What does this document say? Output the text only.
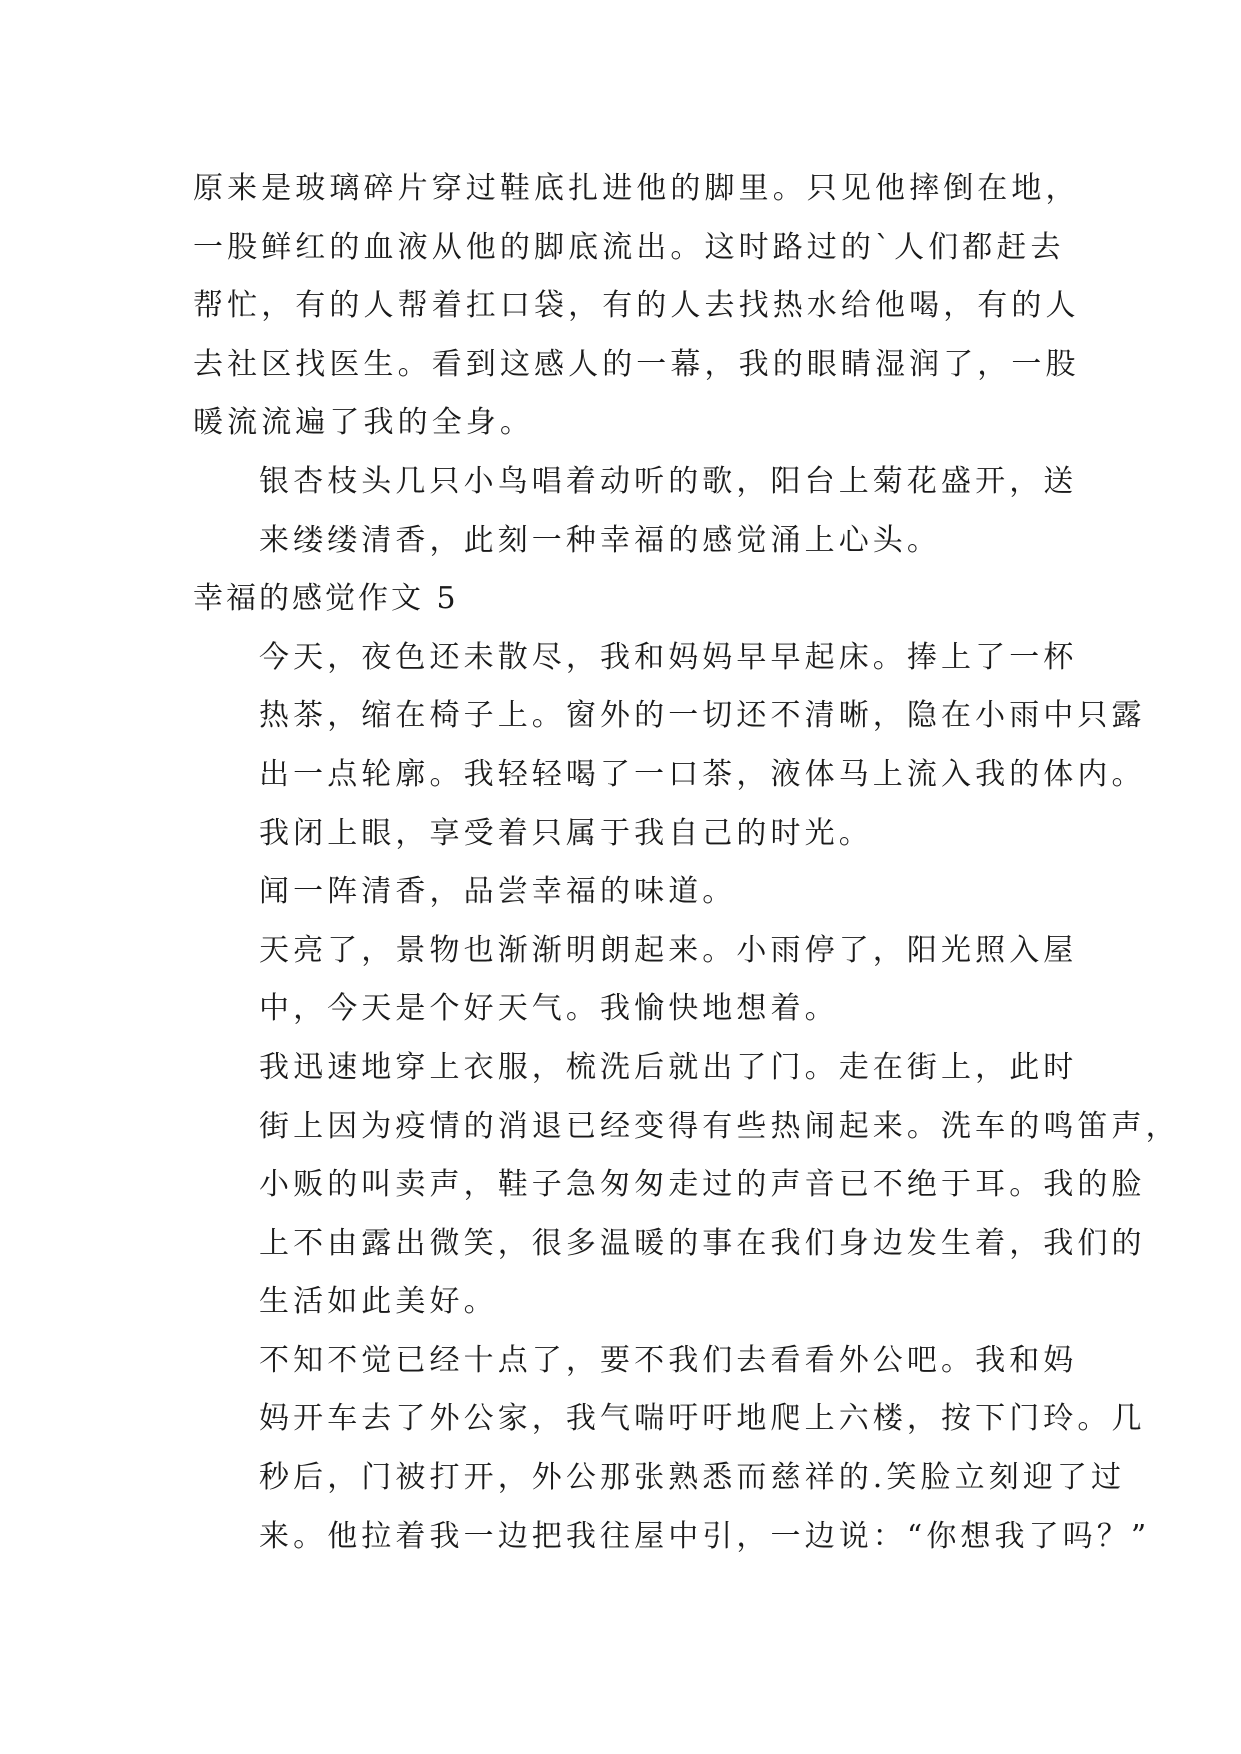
原来是玻璃碎片穿过鞋底扎进他的脚里。只见他摔倒在地，
一股鲜红的血液从他的脚底流出。这时路过的`人们都赶去
帮忙，有的人帮着扛口袋，有的人去找热水给他喝，有的人
去社区找医生。看到这感人的一幕，我的眼睛湿润了，一股
暖流流遍了我的全身。
银杏枝头几只小鸟唱着动听的歌，阳台上菊花盛开，送
来缕缕清香，此刻一种幸福的感觉涌上心头。
幸福的感觉作文 5
今天，夜色还未散尽，我和妈妈早早起床。捧上了一杯
热茶，缩在椅子上。窗外的一切还不清晰，隐在小雨中只露
出一点轮廓。我轻轻喝了一口茶，液体马上流入我的体内。
我闭上眼，享受着只属于我自己的时光。
闻一阵清香，品尝幸福的味道。
天亮了，景物也渐渐明朗起来。小雨停了，阳光照入屋
中，今天是个好天气。我愉快地想着。
我迅速地穿上衣服，梳洗后就出了门。走在街上，此时
街上因为疫情的消退已经变得有些热闹起来。洗车的鸣笛声，
小贩的叫卖声，鞋子急匆匆走过的声音已不绝于耳。我的脸
上不由露出微笑，很多温暖的事在我们身边发生着，我们的
生活如此美好。
不知不觉已经十点了，要不我们去看看外公吧。我和妈
妈开车去了外公家，我气喘吁吁地爬上六楼，按下门玲。几
秒后，门被打开，外公那张熟悉而慈祥的.笑脸立刻迎了过
来。他拉着我一边把我往屋中引，一边说：“你想我了吗？”
